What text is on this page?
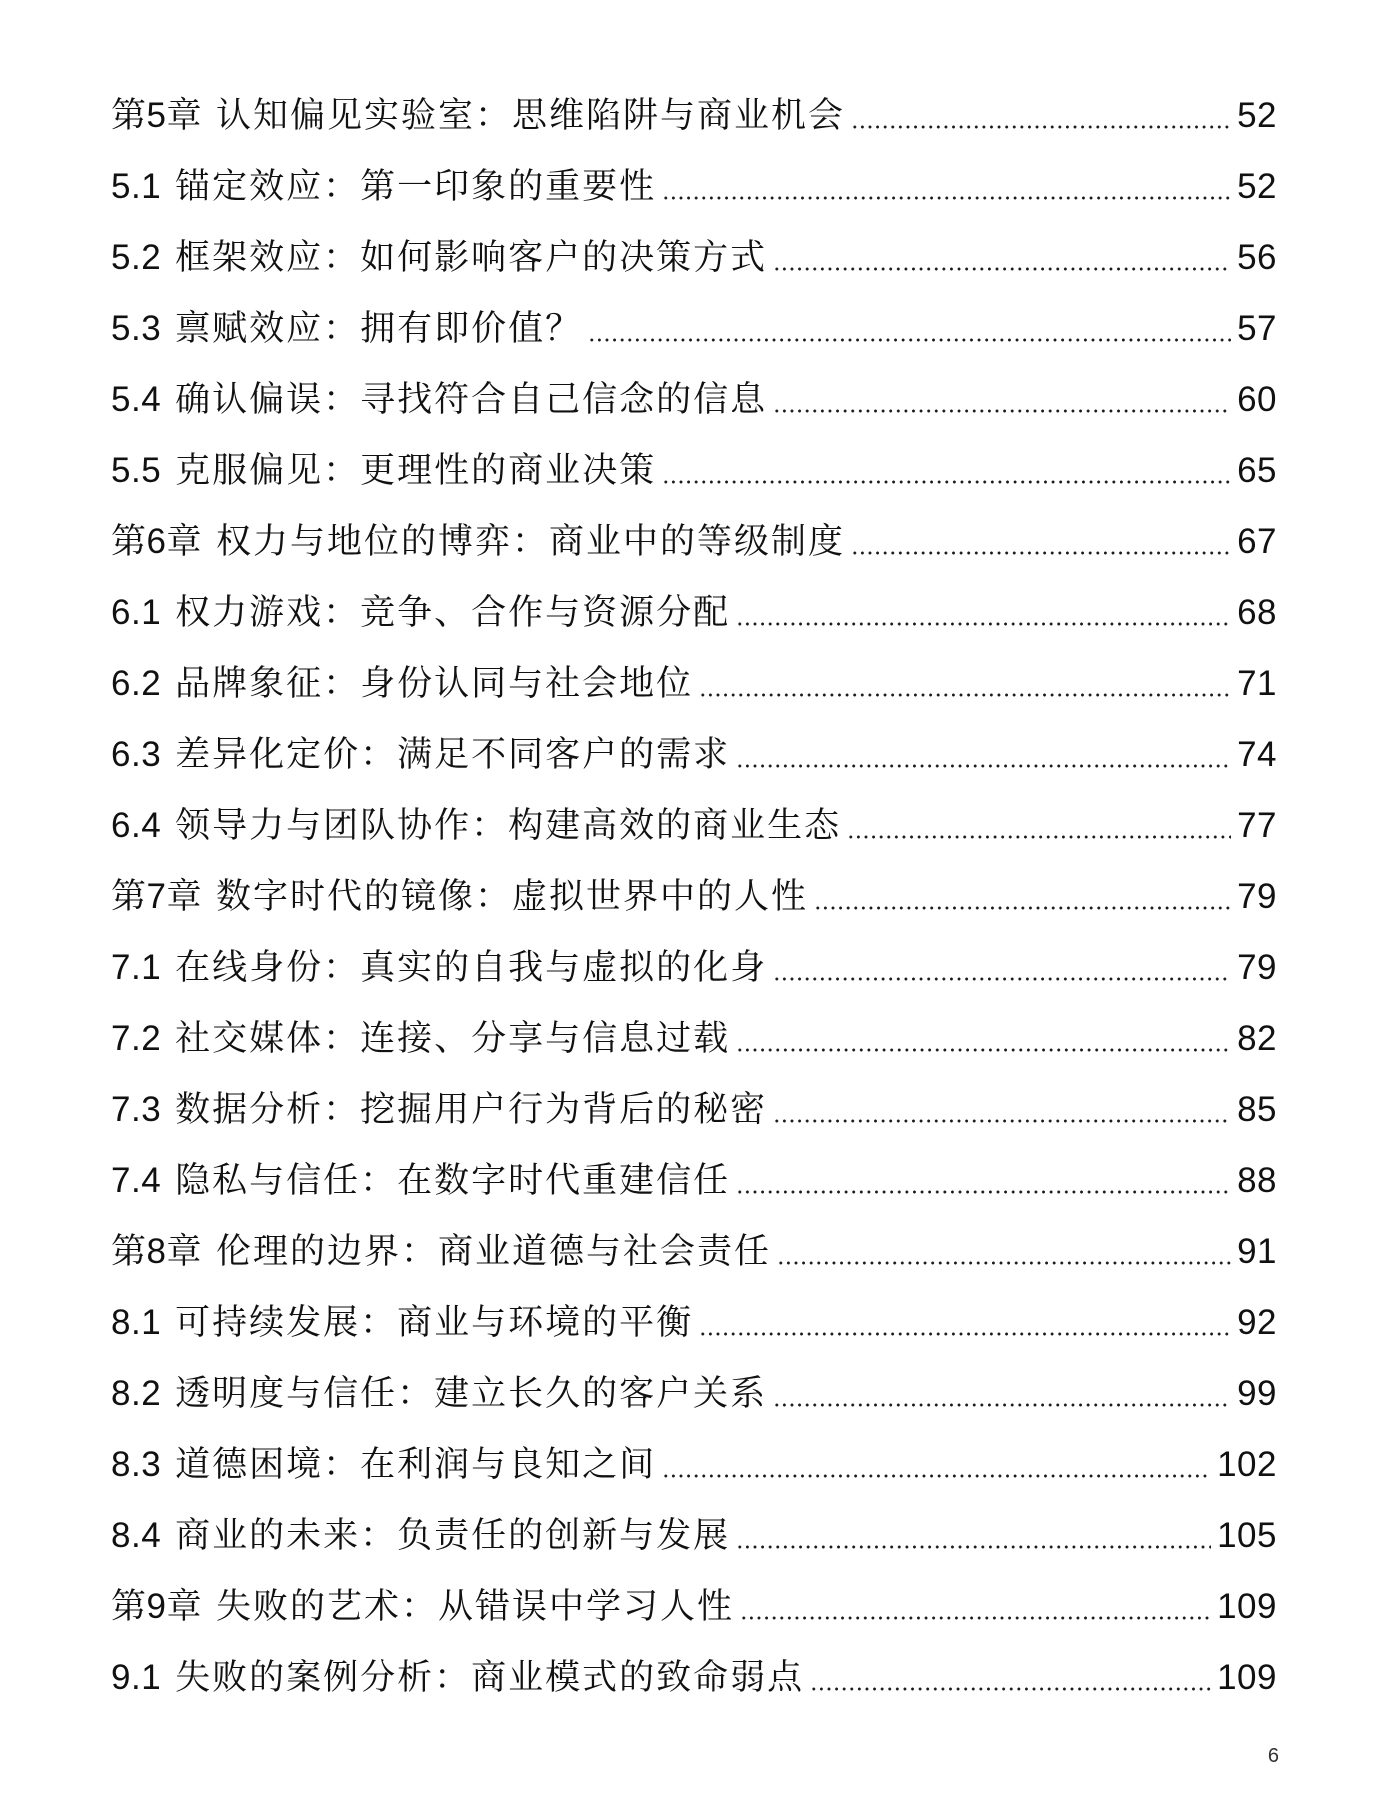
第5章 认知偏见实验室：思维陷阱与商业机会	52
5.1 锚定效应：第一印象的重要性	52
5.2 框架效应：如何影响客户的决策方式	56
5.3 禀赋效应：拥有即价值？	57
5.4 确认偏误：寻找符合自己信念的信息	60
5.5 克服偏见：更理性的商业决策	65
第6章 权力与地位的博弈：商业中的等级制度	67
6.1 权力游戏：竞争、合作与资源分配	68
6.2 品牌象征：身份认同与社会地位	71
6.3 差异化定价：满足不同客户的需求	74
6.4 领导力与团队协作：构建高效的商业生态	77
第7章 数字时代的镜像：虚拟世界中的人性	79
7.1 在线身份：真实的自我与虚拟的化身	79
7.2 社交媒体：连接、分享与信息过载	82
7.3 数据分析：挖掘用户行为背后的秘密	85
7.4 隐私与信任：在数字时代重建信任	88
第8章 伦理的边界：商业道德与社会责任	91
8.1 可持续发展：商业与环境的平衡	92
8.2 透明度与信任：建立长久的客户关系	99
8.3 道德困境：在利润与良知之间	102
8.4 商业的未来：负责任的创新与发展	105
第9章 失败的艺术：从错误中学习人性	109
9.1 失败的案例分析：商业模式的致命弱点	109
6
